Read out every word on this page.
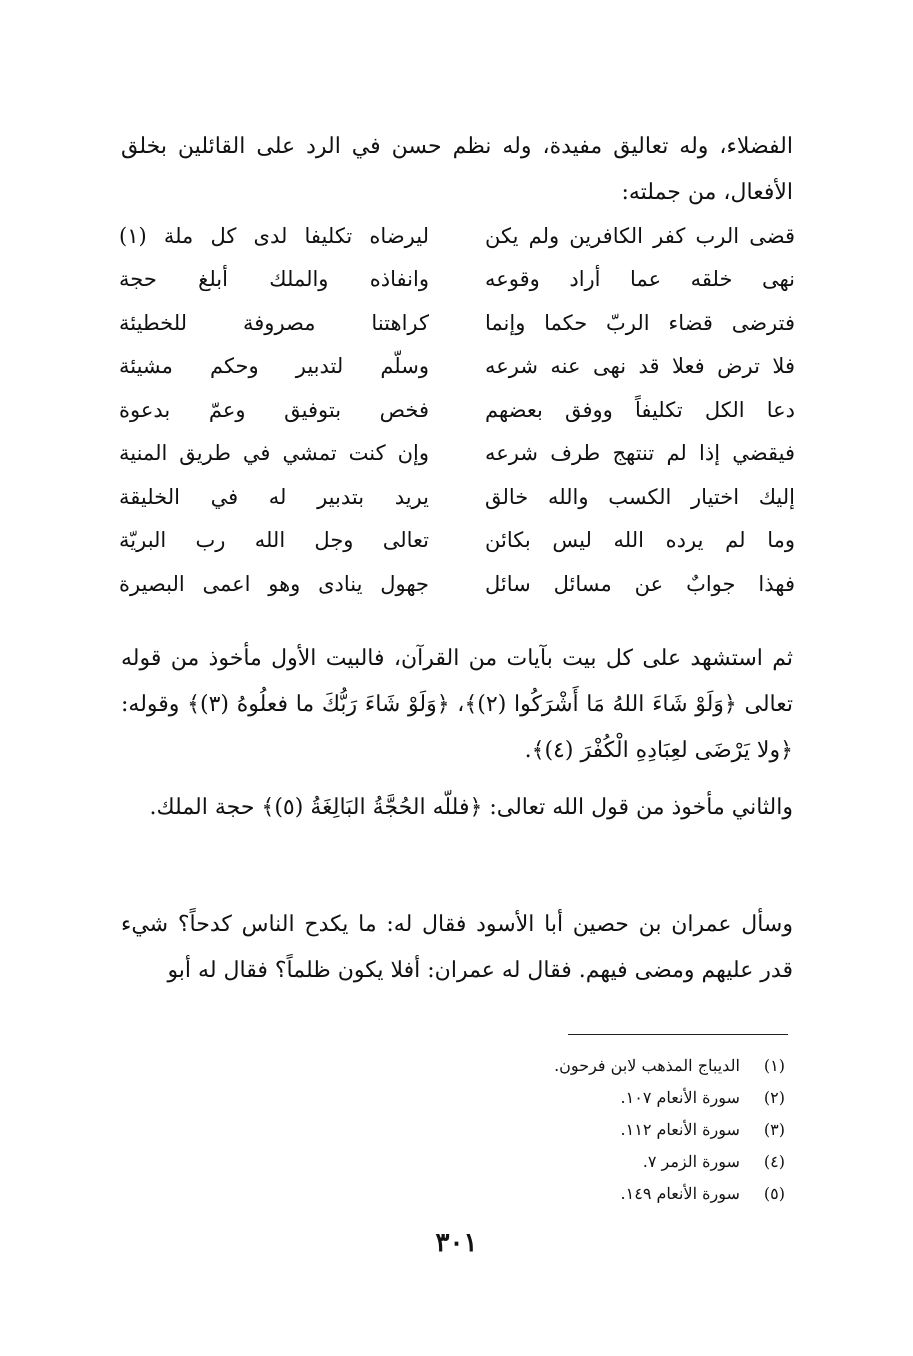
الفضلاء، وله تعاليق مفيدة، وله نظم حسن في الرد على القائلين بخلق الأفعال، من جملته:

قضى الرب كفر الكافرين ولم يكن
ليرضاه تكليفا لدى كل ملة (١)
نهى خلقه عما أراد وقوعه
وانفاذه والملك أبلغ حجة
فترضى قضاء الربّ حكما وإنما
كراهتنا مصروفة للخطيئة
فلا ترض فعلا قد نهى عنه شرعه
وسلّم لتدبير وحكم مشيئة
دعا الكل تكليفاً ووفق بعضهم
فخص بتوفيق وعمّ بدعوة
فيقضي إذا لم تنتهج طرف شرعه
وإن كنت تمشي في طريق المنية
إليك اختيار الكسب والله خالق
يريد بتدبير له في الخليقة
وما لم يرده الله ليس بكائن
تعالى وجل الله رب البريّة
فهذا جوابٌ عن مسائل سائل
جهول ينادى وهو اعمى البصيرة

ثم استشهد على كل بيت بآيات من القرآن، فالبيت الأول مأخوذ من قوله تعالى ﴿وَلَوْ شَاءَ اللهُ مَا أَشْرَكُوا (٢)﴾، ﴿وَلَوْ شَاءَ رَبُّكَ ما فعلُوهُ (٣)﴾ وقوله: ﴿ولا يَرْضَى لعِبَادِهِ الْكُفْرَ (٤)﴾.

والثاني مأخوذ من قول الله تعالى: ﴿فللّه الحُجَّةُ البَالِغَةُ (٥)﴾ حجة الملك.

وسأل عمران بن حصين أبا الأسود فقال له: ما يكدح الناس كدحاً؟ شيء قدر عليهم ومضى فيهم. فقال له عمران: أفلا يكون ظلماً؟ فقال له أبو

(١) الديباج المذهب لابن فرحون.
(٢) سورة الأنعام ١٠٧.
(٣) سورة الأنعام ١١٢.
(٤) سورة الزمر ٧.
(٥) سورة الأنعام ١٤٩.
٣٠١
